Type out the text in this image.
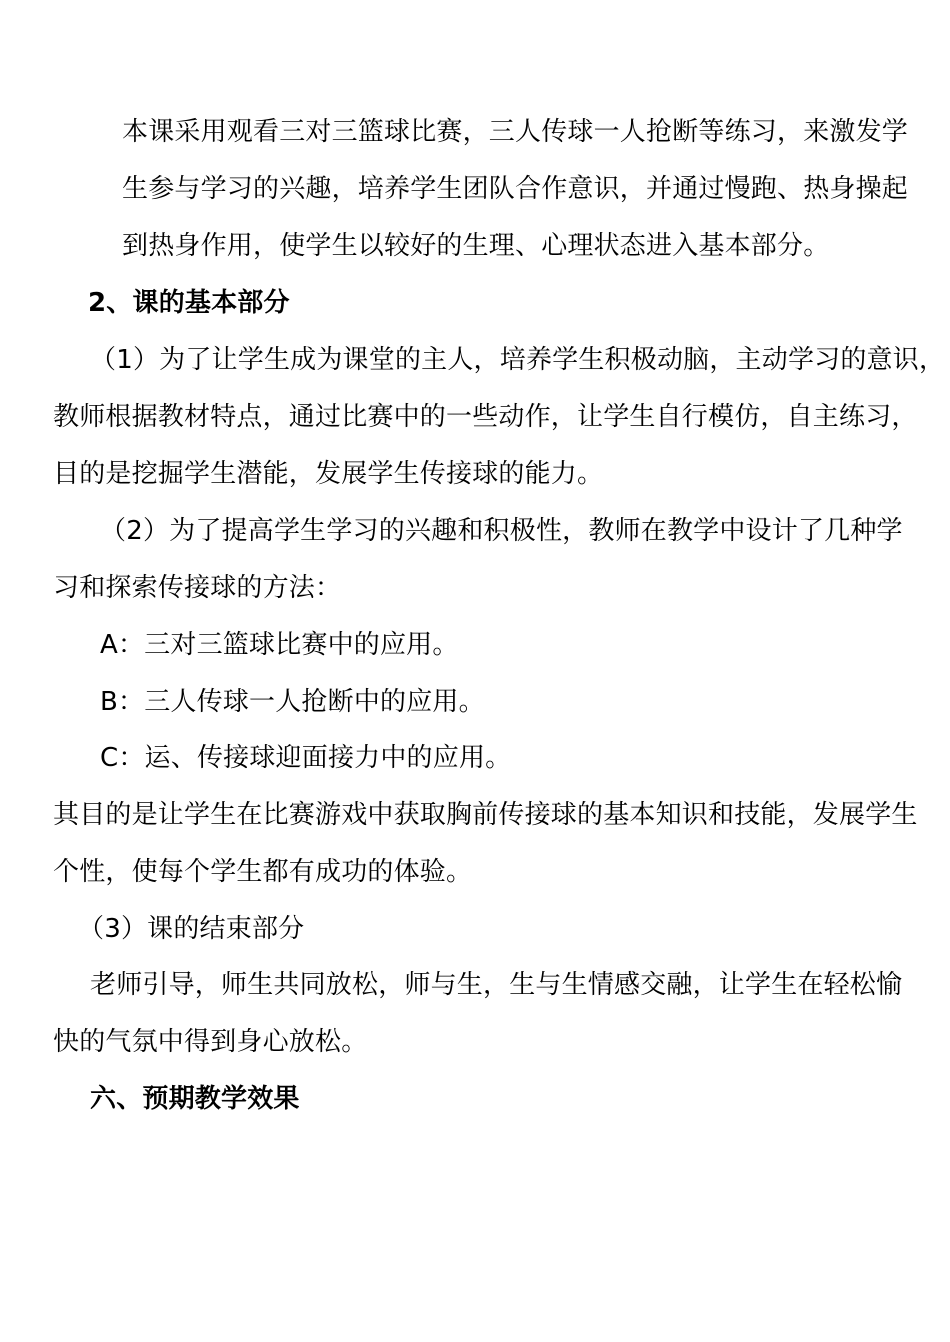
本课采用观看三对三篮球比赛，三人传球一人抢断等练习，来激发学
生参与学习的兴趣，培养学生团队合作意识，并通过慢跑、热身操起
到热身作用，使学生以较好的生理、心理状态进入基本部分。
2、课的基本部分
（1）为了让学生成为课堂的主人，培养学生积极动脑，主动学习的意识，
教师根据教材特点，通过比赛中的一些动作，让学生自行模仿，自主练习，
目的是挖掘学生潜能，发展学生传接球的能力。
（2）为了提高学生学习的兴趣和积极性，教师在教学中设计了几种学
习和探索传接球的方法：
A：三对三篮球比赛中的应用。
B：三人传球一人抢断中的应用。
C：运、传接球迎面接力中的应用。
其目的是让学生在比赛游戏中获取胸前传接球的基本知识和技能，发展学生
个性，使每个学生都有成功的体验。
（3）课的结束部分
老师引导，师生共同放松，师与生，生与生情感交融，让学生在轻松愉
快的气氛中得到身心放松。
六、预期教学效果
